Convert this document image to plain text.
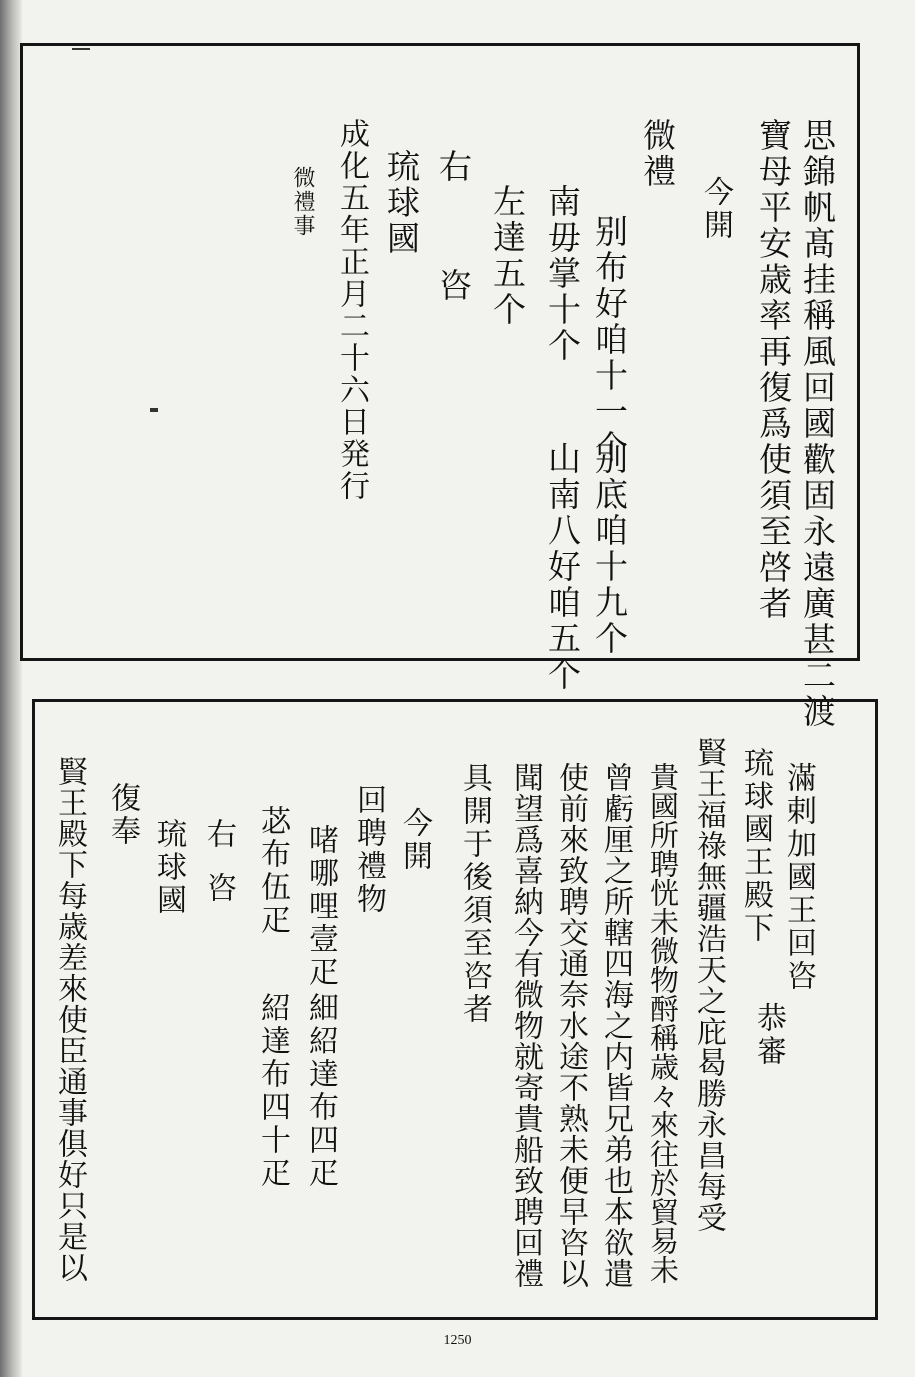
思錦帆髙挂稱風回國歡固永遠廣甚二渡
寶母平安歳率再復爲使須至啓者
今開
微禮
别布好咱十一个
别底咱十九个
南毋掌十个
山南八好咱五个
左達五个
右
咨
琉球國
成化五年正月二十六日発行
微禮事
滿剌加國王回咨
琉球國王殿下
恭審
賢王福祿無疆浩天之庇曷勝永昌每受
貴國所聘恍未微物酹稱歳々來往於貿易未
曾虧厘之所轄四海之内皆兄弟也本欲遣
使前來致聘交通奈水途不熟未便早咨以
聞望爲喜納今有微物就寄貴船致聘回禮
具開于後須至咨者
今開
回聘禮物
啫哪哩壹疋
細紹達布四疋
苾布伍疋
紹達布四十疋
右
咨
琉球國
復奉
賢王殿下每歳差來使臣通事俱好只是以
1250
